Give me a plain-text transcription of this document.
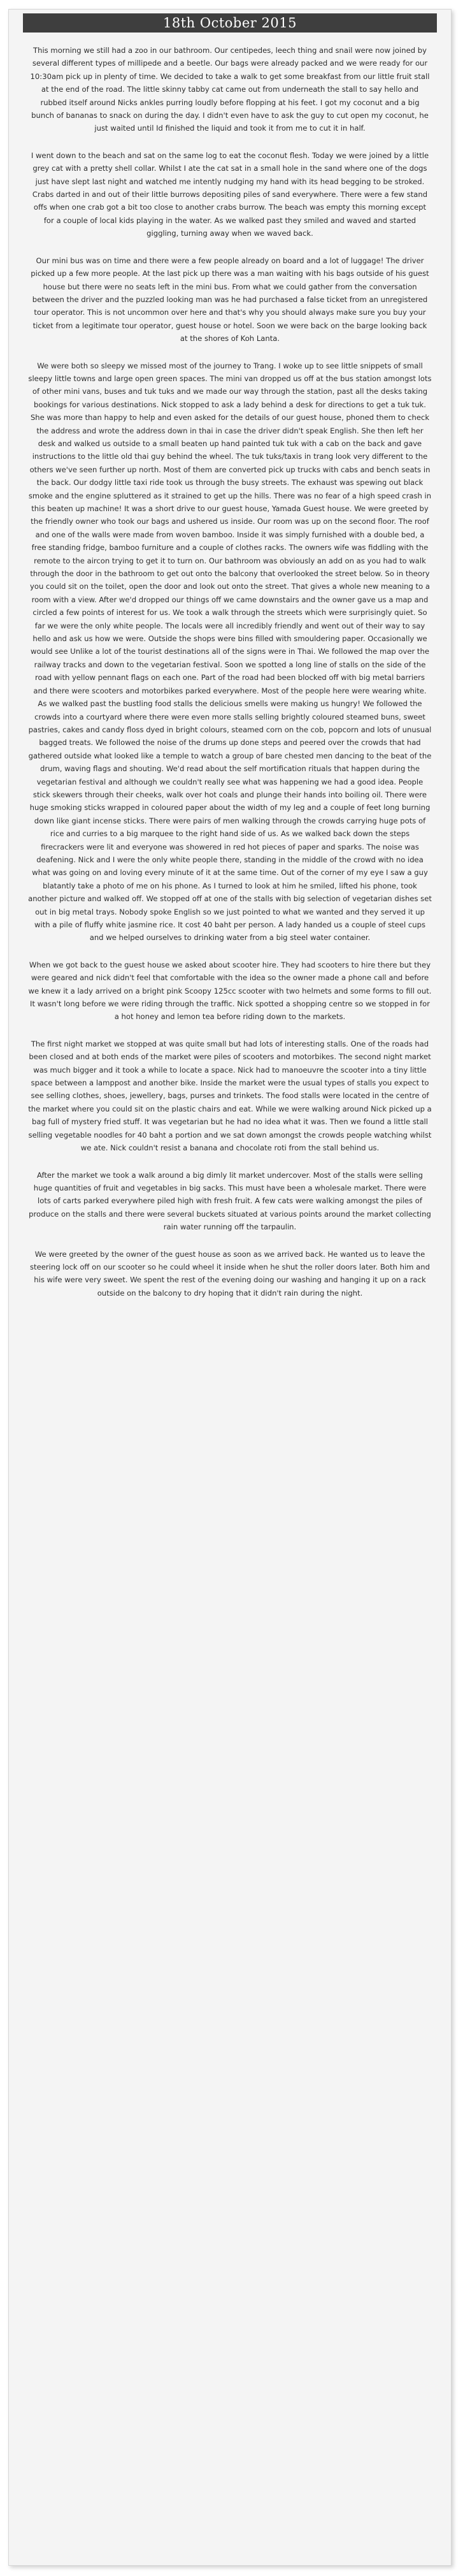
18th October 2015

This morning we still had a zoo in our bathroom. Our centipedes, leech thing and snail were now joined by several different types of millipede and a beetle. Our bags were already packed and we were ready for our 10:30am pick up in plenty of time. We decided to take a walk to get some breakfast from our little fruit stall at the end of the road. The little skinny tabby cat came out from underneath the stall to say hello and rubbed itself around Nicks ankles purring loudly before flopping at his feet. I got my coconut and a big bunch of bananas to snack on during the day. I didn't even have to ask the guy to cut open my coconut, he just waited until Id finished the liquid and took it from me to cut it in half.

I went down to the beach and sat on the same log to eat the coconut flesh. Today we were joined by a little grey cat with a pretty shell collar. Whilst I ate the cat sat in a small hole in the sand where one of the dogs just have slept last night and watched me intently nudging my hand with its head begging to be stroked. Crabs darted in and out of their little burrows depositing piles of sand everywhere. There were a few stand offs when one crab got a bit too close to another crabs burrow. The beach was empty this morning except for a couple of local kids playing in the water. As we walked past they smiled and waved and started giggling, turning away when we waved back.

Our mini bus was on time and there were a few people already on board and a lot of luggage! The driver picked up a few more people. At the last pick up there was a man waiting with his bags outside of his guest house but there were no seats left in the mini bus. From what we could gather from the conversation between the driver and the puzzled looking man was he had purchased a false ticket from an unregistered tour operator. This is not uncommon over here and that's why you should always make sure you buy your ticket from a legitimate tour operator, guest house or hotel. Soon we were back on the barge looking back at the shores of Koh Lanta.

We were both so sleepy we missed most of the journey to Trang. I woke up to see little snippets of small sleepy little towns and large open green spaces. The mini van dropped us off at the bus station amongst lots of other mini vans, buses and tuk tuks and we made our way through the station, past all the desks taking bookings for various destinations. Nick stopped to ask a lady behind a desk for directions to get a tuk tuk. She was more than happy to help and even asked for the details of our guest house, phoned them to check the address and wrote the address down in thai in case the driver didn't speak English. She then left her desk and walked us outside to a small beaten up hand painted tuk tuk with a cab on the back and gave instructions to the little old thai guy behind the wheel. The tuk tuks/taxis in trang look very different to the others we've seen further up north. Most of them are converted pick up trucks with cabs and bench seats in the back. Our dodgy little taxi ride took us through the busy streets. The exhaust was spewing out black smoke and the engine spluttered as it strained to get up the hills. There was no fear of a high speed crash in this beaten up machine! It was a short drive to our guest house, Yamada Guest house. We were greeted by the friendly owner who took our bags and ushered us inside. Our room was up on the second floor. The roof and one of the walls were made from woven bamboo. Inside it was simply furnished with a double bed, a free standing fridge, bamboo furniture and a couple of clothes racks. The owners wife was fiddling with the remote to the aircon trying to get it to turn on. Our bathroom was obviously an add on as you had to walk through the door in the bathroom to get out onto the balcony that overlooked the street below. So in theory you could sit on the toilet, open the door and look out onto the street. That gives a whole new meaning to a room with a view. After we'd dropped our things off we came downstairs and the owner gave us a map and circled a few points of interest for us. We took a walk through the streets which were surprisingly quiet. So far we were the only white people. The locals were all incredibly friendly and went out of their way to say hello and ask us how we were. Outside the shops were bins filled with smouldering paper. Occasionally we would see Unlike a lot of the tourist destinations all of the signs were in Thai. We followed the map over the railway tracks and down to the vegetarian festival. Soon we spotted a long line of stalls on the side of the road with yellow pennant flags on each one. Part of the road had been blocked off with big metal barriers and there were scooters and motorbikes parked everywhere. Most of the people here were wearing white. As we walked past the bustling food stalls the delicious smells were making us hungry! We followed the crowds into a courtyard where there were even more stalls selling brightly coloured steamed buns, sweet pastries, cakes and candy floss dyed in bright colours, steamed corn on the cob, popcorn and lots of unusual bagged treats. We followed the noise of the drums up done steps and peered over the crowds that had gathered outside what looked like a temple to watch a group of bare chested men dancing to the beat of the drum, waving flags and shouting. We'd read about the self mortification rituals that happen during the vegetarian festival and although we couldn't really see what was happening we had a good idea. People stick skewers through their cheeks, walk over hot coals and plunge their hands into boiling oil. There were huge smoking sticks wrapped in coloured paper about the width of my leg and a couple of feet long burning down like giant incense sticks. There were pairs of men walking through the crowds carrying huge pots of rice and curries to a big marquee to the right hand side of us. As we walked back down the steps firecrackers were lit and everyone was showered in red hot pieces of paper and sparks. The noise was deafening. Nick and I were the only white people there, standing in the middle of the crowd with no idea what was going on and loving every minute of it at the same time. Out of the corner of my eye I saw a guy blatantly take a photo of me on his phone. As I turned to look at him he smiled, lifted his phone, took another picture and walked off. We stopped off at one of the stalls with big selection of vegetarian dishes set out in big metal trays. Nobody spoke English so we just pointed to what we wanted and they served it up with a pile of fluffy white jasmine rice. It cost 40 baht per person. A lady handed us a couple of steel cups and we helped ourselves to drinking water from a big steel water container.

When we got back to the guest house we asked about scooter hire. They had scooters to hire there but they were geared and nick didn't feel that comfortable with the idea so the owner made a phone call and before we knew it a lady arrived on a bright pink Scoopy 125cc scooter with two helmets and some forms to fill out. It wasn't long before we were riding through the traffic. Nick spotted a shopping centre so we stopped in for a hot honey and lemon tea before riding down to the markets.

The first night market we stopped at was quite small but had lots of interesting stalls. One of the roads had been closed and at both ends of the market were piles of scooters and motorbikes. The second night market was much bigger and it took a while to locate a space. Nick had to manoeuvre the scooter into a tiny little space between a lamppost and another bike. Inside the market were the usual types of stalls you expect to see selling clothes, shoes, jewellery, bags, purses and trinkets. The food stalls were located in the centre of the market where you could sit on the plastic chairs and eat. While we were walking around Nick picked up a bag full of mystery fried stuff. It was vegetarian but he had no idea what it was. Then we found a little stall selling vegetable noodles for 40 baht a portion and we sat down amongst the crowds people watching whilst we ate. Nick couldn't resist a banana and chocolate roti from the stall behind us.

After the market we took a walk around a big dimly lit market undercover. Most of the stalls were selling huge quantities of fruit and vegetables in big sacks. This must have been a wholesale market. There were lots of carts parked everywhere piled high with fresh fruit. A few cats were walking amongst the piles of produce on the stalls and there were several buckets situated at various points around the market collecting rain water running off the tarpaulin.

We were greeted by the owner of the guest house as soon as we arrived back. He wanted us to leave the steering lock off on our scooter so he could wheel it inside when he shut the roller doors later. Both him and his wife were very sweet. We spent the rest of the evening doing our washing and hanging it up on a rack outside on the balcony to dry hoping that it didn't rain during the night.
